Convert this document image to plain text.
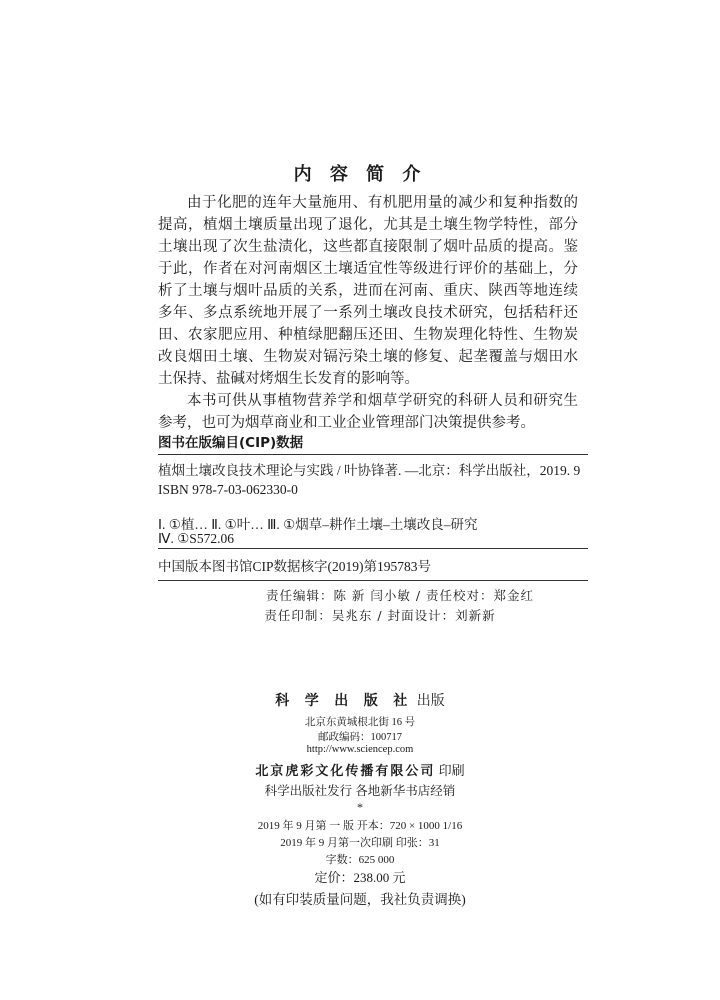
内 容 简 介

由于化肥的连年大量施用、有机肥用量的减少和复种指数的提高，植烟土壤质量出现了退化，尤其是土壤生物学特性，部分土壤出现了次生盐渍化，这些都直接限制了烟叶品质的提高。鉴于此，作者在对河南烟区土壤适宜性等级进行评价的基础上，分析了土壤与烟叶品质的关系，进而在河南、重庆、陕西等地连续多年、多点系统地开展了一系列土壤改良技术研究，包括秸秆还田、农家肥应用、种植绿肥翻压还田、生物炭理化特性、生物炭改良烟田土壤、生物炭对镉污染土壤的修复、起垄覆盖与烟田水土保持、盐碱对烤烟生长发育的影响等。

本书可供从事植物营养学和烟草学研究的科研人员和研究生参考，也可为烟草商业和工业企业管理部门决策提供参考。

图书在版编目(CIP)数据
植烟土壤改良技术理论与实践 / 叶协锋著. —北京：科学出版社，2019. 9
ISBN 978-7-03-062330-0
Ⅰ. ①植… Ⅱ. ①叶… Ⅲ. ①烟草–耕作土壤–土壤改良–研究
Ⅳ. ①S572.06
中国版本图书馆CIP数据核字(2019)第195783号
责任编辑：陈 新 闫小敏 / 责任校对：郑金红
责任印制：吴兆东 / 封面设计：刘新新
科 学 出 版 社 出版
北京东黄城根北街 16 号
邮政编码：100717
http://www.sciencep.com
北京虎彩文化传播有限公司 印刷
科学出版社发行 各地新华书店经销
*
2019 年 9 月第 一 版 开本：720 × 1000 1/16
2019 年 9 月第一次印刷 印张：31
字数：625 000
定价：238.00 元
(如有印装质量问题，我社负责调换)
